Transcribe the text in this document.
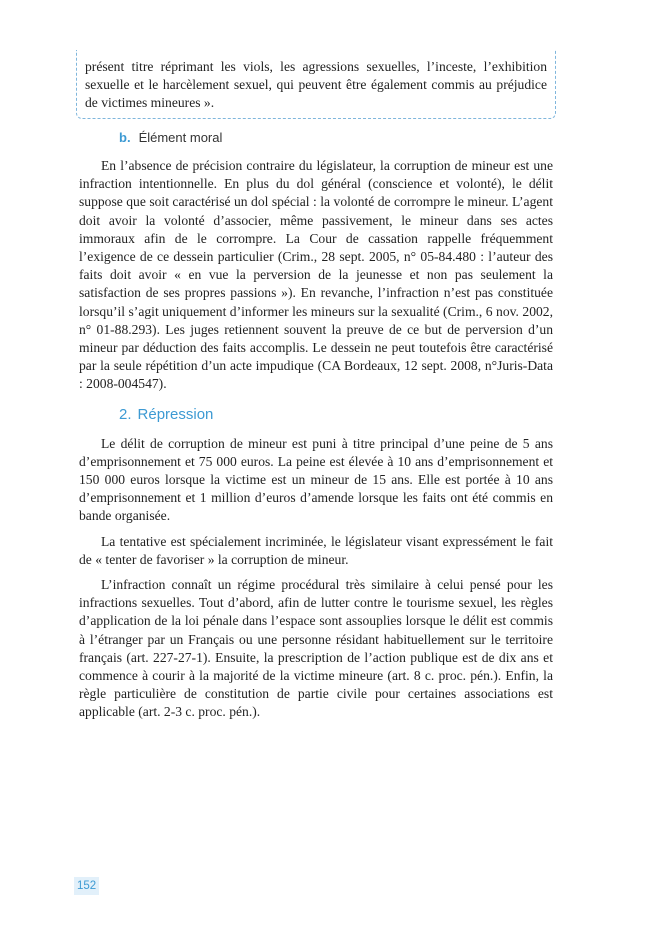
présent titre réprimant les viols, les agressions sexuelles, l’inceste, l’exhibition sexuelle et le harcèlement sexuel, qui peuvent être également commis au préjudice de victimes mineures ».
b. Élément moral

En l’absence de précision contraire du législateur, la corruption de mineur est une infraction intentionnelle. En plus du dol général (conscience et volonté), le délit suppose que soit caractérisé un dol spécial : la volonté de corrompre le mineur. L’agent doit avoir la volonté d’associer, même passivement, le mineur dans ses actes immoraux afin de le corrompre. La Cour de cassation rappelle fréquemment l’exigence de ce dessein particulier (Crim., 28 sept. 2005, n° 05-84.480 : l’auteur des faits doit avoir « en vue la perversion de la jeunesse et non pas seulement la satisfaction de ses propres passions »). En revanche, l’infraction n’est pas constituée lorsqu’il s’agit uniquement d’informer les mineurs sur la sexualité (Crim., 6 nov. 2002, n° 01-88.293). Les juges retiennent souvent la preuve de ce but de perversion d’un mineur par déduction des faits accomplis. Le dessein ne peut toutefois être caractérisé par la seule répétition d’un acte impudique (CA Bordeaux, 12 sept. 2008, n°Juris-Data : 2008-004547).

2. Répression

Le délit de corruption de mineur est puni à titre principal d’une peine de 5 ans d’emprisonnement et 75 000 euros. La peine est élevée à 10 ans d’emprisonnement et 150 000 euros lorsque la victime est un mineur de 15 ans. Elle est portée à 10 ans d’emprisonnement et 1 million d’euros d’amende lorsque les faits ont été commis en bande organisée.

La tentative est spécialement incriminée, le législateur visant expressément le fait de « tenter de favoriser » la corruption de mineur.

L’infraction connaît un régime procédural très similaire à celui pensé pour les infractions sexuelles. Tout d’abord, afin de lutter contre le tourisme sexuel, les règles d’application de la loi pénale dans l’espace sont assouplies lorsque le délit est commis à l’étranger par un Français ou une personne résidant habituellement sur le territoire français (art. 227-27-1). Ensuite, la prescription de l’action publique est de dix ans et commence à courir à la majorité de la victime mineure (art. 8 c. proc. pén.). Enfin, la règle particulière de constitution de partie civile pour certaines associations est applicable (art. 2-3 c. proc. pén.).

152
